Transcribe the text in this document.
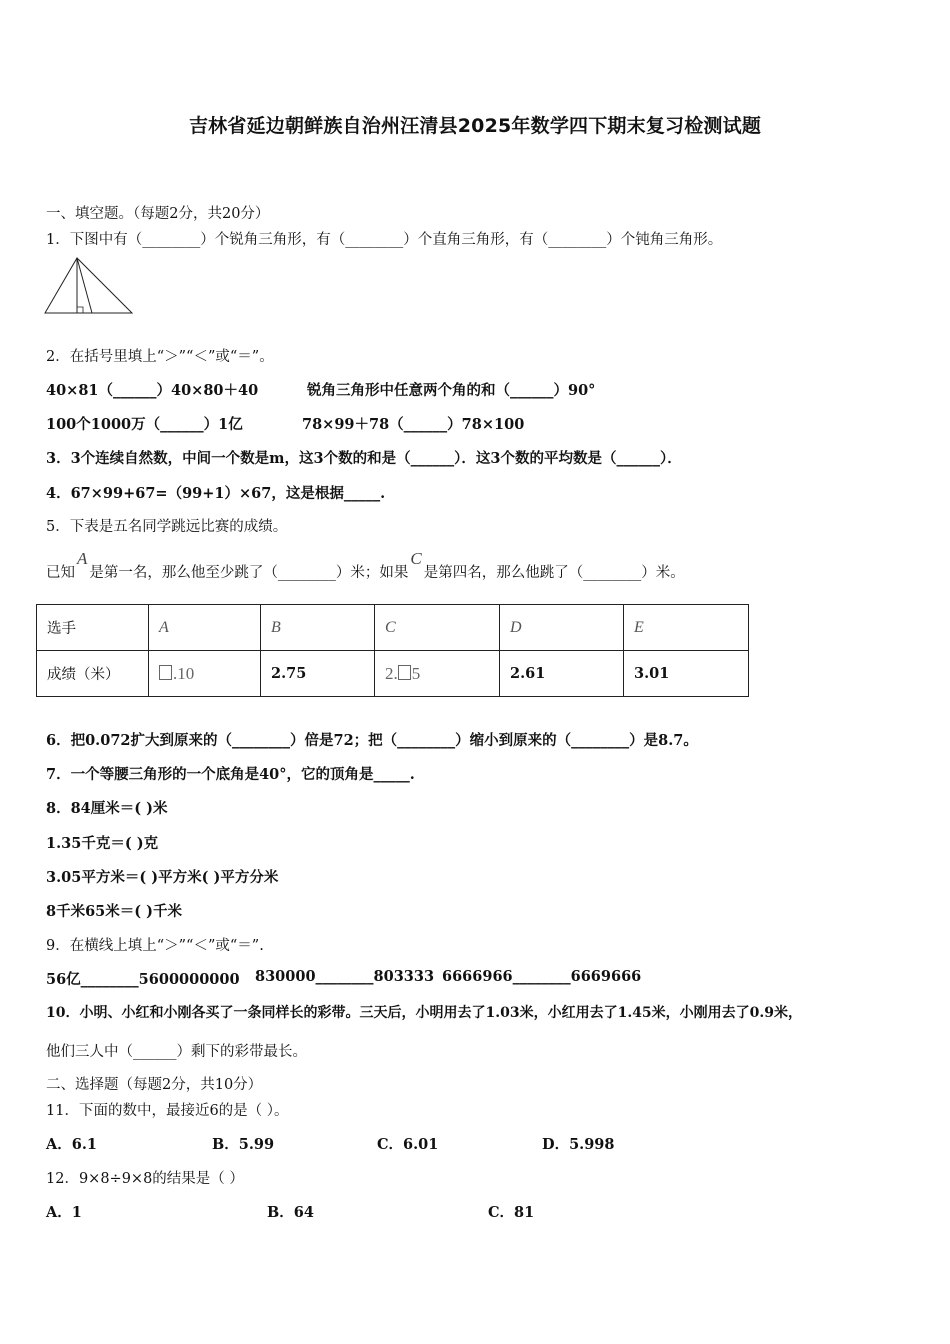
吉林省延边朝鲜族自治州汪清县2025年数学四下期末复习检测试题
一、填空题。（每题2分，共20分）
1．下图中有（________）个锐角三角形，有（________）个直角三角形，有（________）个钝角三角形。
2．在括号里填上“＞”“＜”或“＝”。
40×81（______）40×80＋40	锐角三角形中任意两个角的和（______）90°
100个1000万（______）1亿	78×99＋78（______）78×100
3．3个连续自然数，中间一个数是m，这3个数的和是（______）．这3个数的平均数是（______）．
4．67×99+67=（99+1）×67，这是根据_____.
5．下表是五名同学跳远比赛的成绩。
已知A是第一名，那么他至少跳了（________）米；如果C是第四名，那么他跳了（________）米。
选手	A	B	C	D	E
成绩（米）	.10	2.75	2. 5	2.61	3.01
6．把0.072扩大到原来的（________）倍是72；把（________）缩小到原来的（________）是8.7。
7．一个等腰三角形的一个底角是40°，它的顶角是_____.
8．84厘米＝( )米
1.35千克＝( )克
3.05平方米＝( )平方米( )平方分米
8千米65米＝( )千米
9．在横线上填上“＞”“＜”或“＝”.
56亿________5600000000 830000________803333 6666966________6669666
10．小明、小红和小刚各买了一条同样长的彩带。三天后，小明用去了1.03米，小红用去了1.45米，小刚用去了0.9米，
他们三人中（______）剩下的彩带最长。
二、选择题（每题2分，共10分）
11．下面的数中，最接近6的是（ ）。
A．6.1	B．5.99	C．6.01	D．5.998
12．9×8÷9×8的结果是（ ）
A．1	B．64	C．81
